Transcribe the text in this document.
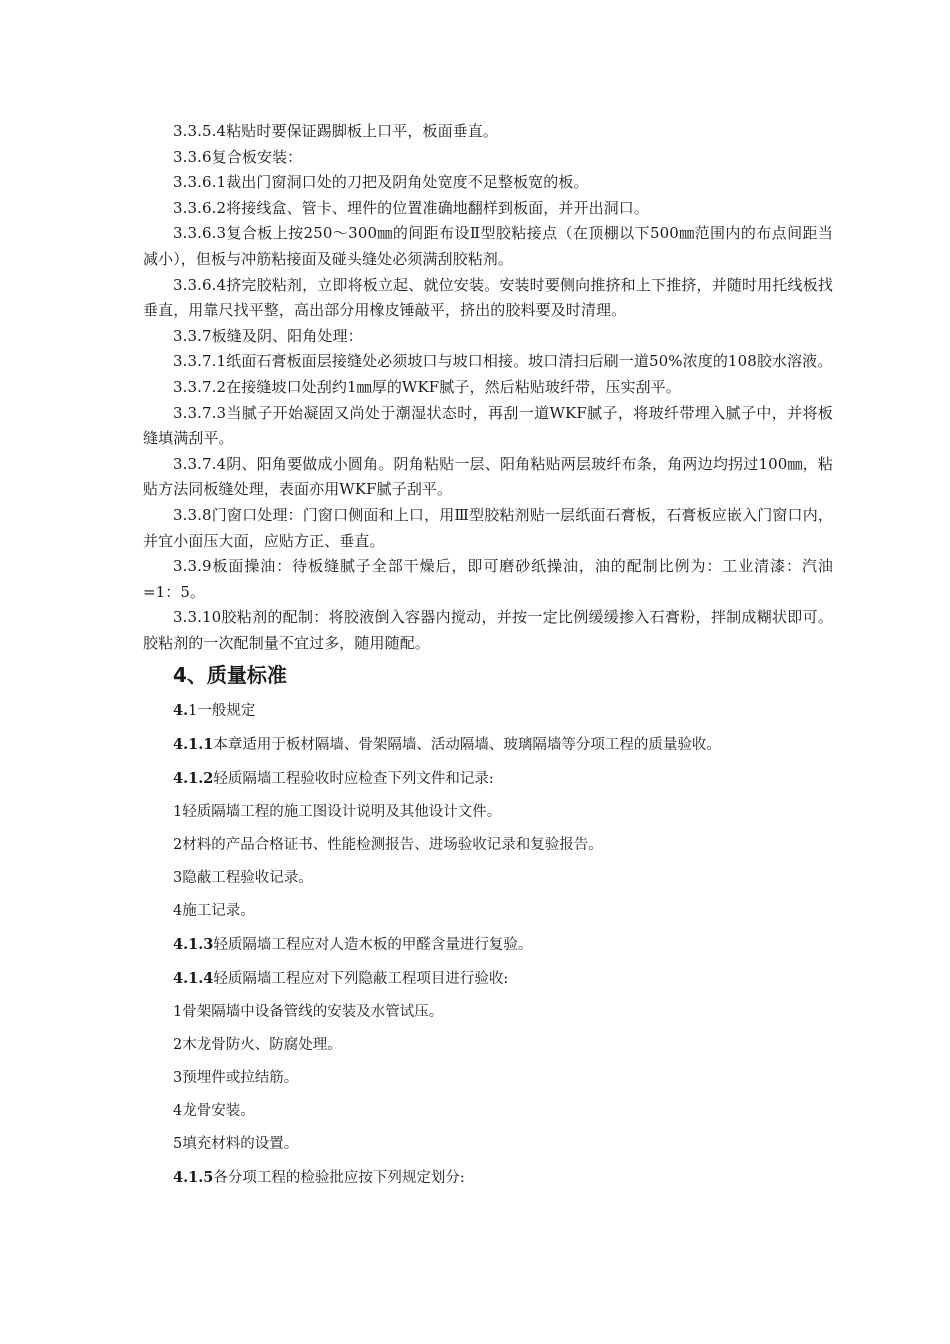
3.3.5.4粘贴时要保证踢脚板上口平，板面垂直。

3.3.6复合板安装：

3.3.6.1裁出门窗洞口处的刀把及阴角处宽度不足整板宽的板。

3.3.6.2将接线盒、管卡、埋件的位置准确地翻样到板面，并开出洞口。

3.3.6.3复合板上按250～300㎜的间距布设Ⅱ型胶粘接点（在顶棚以下500㎜范围内的布点间距当减小），但板与冲筋粘接面及碰头缝处必须满刮胶粘剂。

3.3.6.4挤完胶粘剂，立即将板立起、就位安装。安装时要侧向推挤和上下推挤，并随时用托线板找垂直，用靠尺找平整，高出部分用橡皮锤敲平，挤出的胶料要及时清理。

3.3.7板缝及阴、阳角处理：

3.3.7.1纸面石膏板面层接缝处必须坡口与坡口相接。坡口清扫后刷一道50%浓度的108胶水溶液。

3.3.7.2在接缝坡口处刮约1㎜厚的WKF腻子，然后粘贴玻纤带，压实刮平。

3.3.7.3当腻子开始凝固又尚处于潮湿状态时，再刮一道WKF腻子，将玻纤带埋入腻子中，并将板缝填满刮平。

3.3.7.4阴、阳角要做成小圆角。阴角粘贴一层、阳角粘贴两层玻纤布条，角两边均拐过100㎜，粘贴方法同板缝处理，表面亦用WKF腻子刮平。

3.3.8门窗口处理：门窗口侧面和上口，用Ⅲ型胶粘剂贴一层纸面石膏板，石膏板应嵌入门窗口内，并宜小面压大面，应贴方正、垂直。

3.3.9板面操油：待板缝腻子全部干燥后，即可磨砂纸操油，油的配制比例为：工业清漆：汽油=1：5。

3.3.10胶粘剂的配制：将胶液倒入容器内搅动，并按一定比例缓缓掺入石膏粉，拌制成糊状即可。胶粘剂的一次配制量不宜过多，随用随配。

4、质量标准

4.1一般规定

4.1.1本章适用于板材隔墙、骨架隔墙、活动隔墙、玻璃隔墙等分项工程的质量验收。

4.1.2轻质隔墙工程验收时应检查下列文件和记录:

1轻质隔墙工程的施工图设计说明及其他设计文件。

2材料的产品合格证书、性能检测报告、进场验收记录和复验报告。

3隐蔽工程验收记录。

4施工记录。

4.1.3轻质隔墙工程应对人造木板的甲醛含量进行复验。

4.1.4轻质隔墙工程应对下列隐蔽工程项目进行验收:

1骨架隔墙中设备管线的安装及水管试压。

2木龙骨防火、防腐处理。

3预埋件或拉结筋。

4龙骨安装。

5填充材料的设置。

4.1.5各分项工程的检验批应按下列规定划分:
